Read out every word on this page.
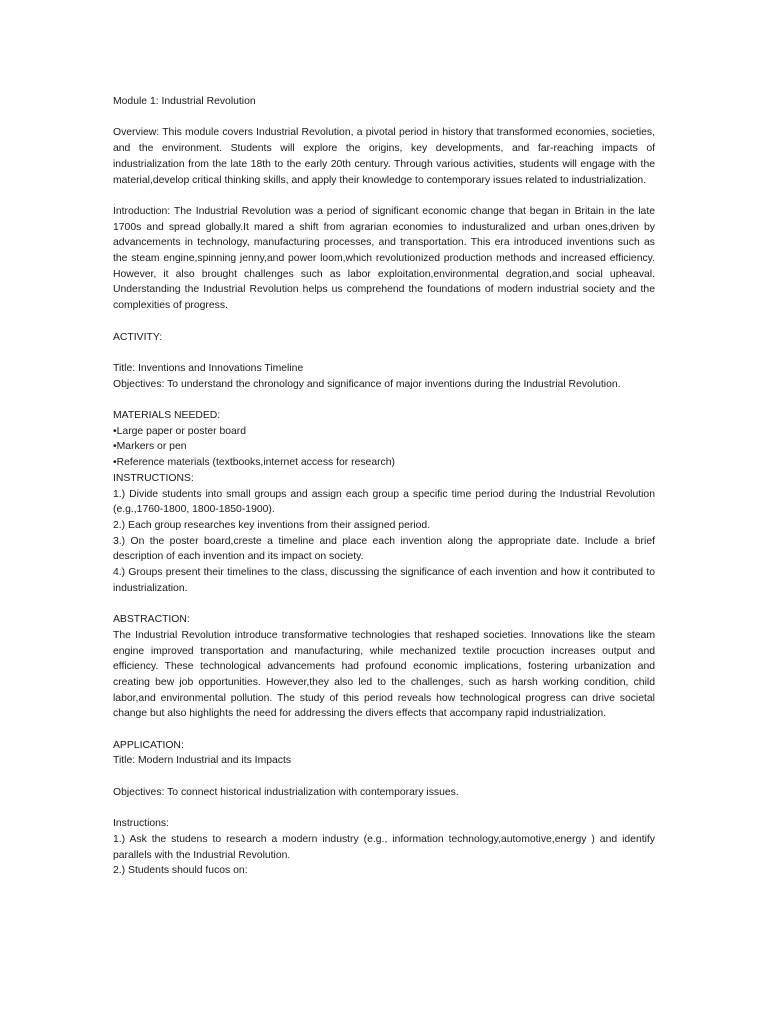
Module 1: Industrial Revolution

Overview: This module covers Industrial Revolution, a pivotal period in history that transformed economies, societies, and the environment. Students will explore the origins, key developments, and far-reaching impacts of industrialization from the late 18th to the early 20th century. Through various activities, students will engage with the material,develop critical thinking skills, and apply their knowledge to contemporary issues related to industrialization.

Introduction: The Industrial Revolution was a period of significant economic change that began in Britain in the late 1700s and spread globally.It mared a shift from agrarian economies to industuralized and urban ones,driven by advancements in technology, manufacturing processes, and transportation. This era introduced inventions such as the steam engine,spinning jenny,and power loom,which revolutionized production methods and increased efficiency. However, it also brought challenges such as labor exploitation,environmental degration,and social upheaval. Understanding the Industrial Revolution helps us comprehend the foundations of modern industrial society and the complexities of progress.

ACTIVITY:

Title: Inventions and Innovations Timeline

Objectives: To understand the chronology and significance of major inventions during the Industrial Revolution.

MATERIALS NEEDED:

•Large paper or poster board

•Markers or pen

•Reference materials (textbooks,internet access for research)

INSTRUCTIONS:

1.) Divide students into small groups and assign each group a specific time period during the Industrial Revolution (e.g.,1760-1800, 1800-1850-1900).

2.) Each group researches key inventions from their assigned period.

3.) On the poster board,creste a timeline and place each invention along the appropriate date. Include a brief description of each invention and its impact on society.

4.) Groups present their timelines to the class, discussing the significance of each invention and how it contributed to industrialization.

ABSTRACTION:

The Industrial Revolution introduce transformative technologies that reshaped societies. Innovations like the steam engine improved transportation and manufacturing, while mechanized textile procuction increases output and efficiency. These technological advancements had profound economic implications, fostering urbanization and creating bew job opportunities. However,they also led to the challenges, such as harsh working condition, child labor,and environmental pollution. The study of this period reveals how technological progress can drive societal change but also highlights the need for addressing the divers effects that accompany rapid industrialization.

APPLICATION:

Title: Modern Industrial and its Impacts

Objectives: To connect historical industrialization with contemporary issues.

Instructions:

1.) Ask the studens to research a modern industry (e.g., information technology,automotive,energy ) and identify parallels with the Industrial Revolution.

2.) Students should fucos on:
